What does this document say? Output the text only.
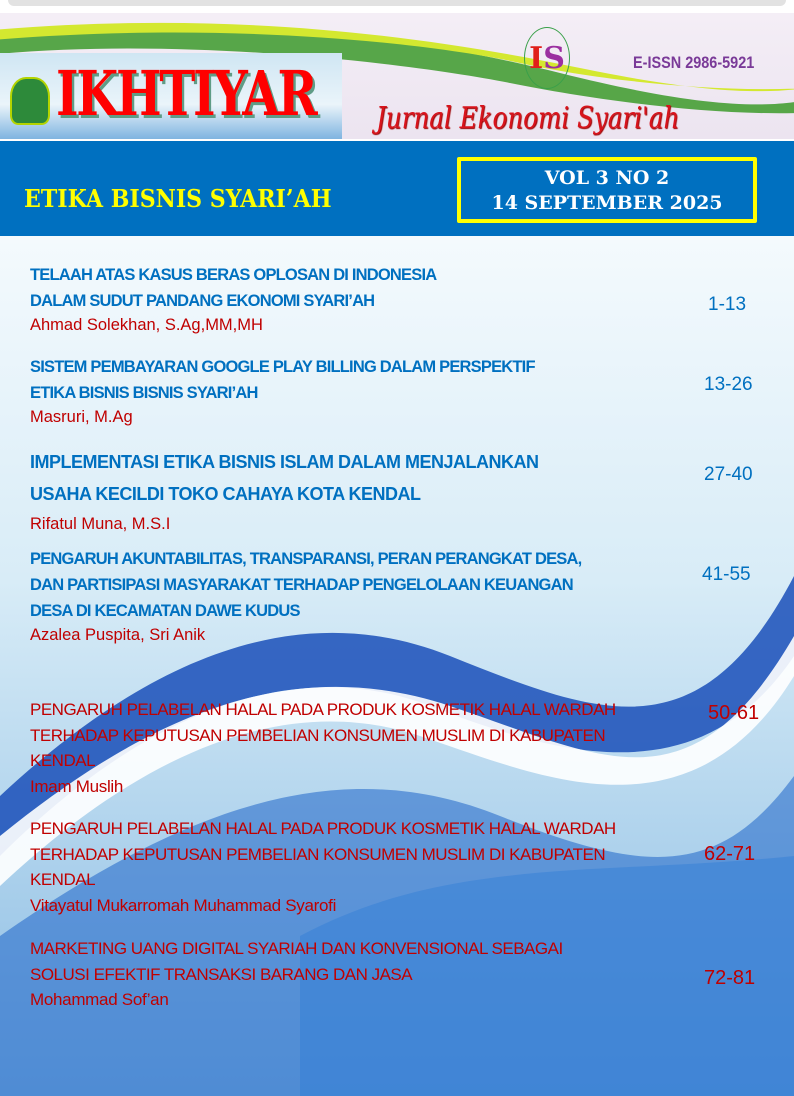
IKHTIYAR	IS	E-ISSN 2986-5921
Jurnal Ekonomi Syari'ah
ETIKA BISNIS SYARI’AH
VOL 3 NO 2
14 SEPTEMBER 2025
TELAAH ATAS KASUS BERAS OPLOSAN DI INDONESIA
DALAM SUDUT PANDANG EKONOMI SYARI’AH
Ahmad Solekhan, S.Ag,MM,MH
1-13
SISTEM PEMBAYARAN GOOGLE PLAY BILLING DALAM PERSPEKTIF
ETIKA BISNIS BISNIS SYARI’AH
Masruri, M.Ag
13-26
IMPLEMENTASI ETIKA BISNIS ISLAM DALAM MENJALANKAN
USAHA KECILDI TOKO CAHAYA KOTA KENDAL
Rifatul Muna, M.S.I
27-40
PENGARUH AKUNTABILITAS, TRANSPARANSI, PERAN PERANGKAT DESA,
DAN PARTISIPASI MASYARAKAT TERHADAP PENGELOLAAN KEUANGAN
DESA DI KECAMATAN DAWE KUDUS
Azalea Puspita, Sri Anik
41-55
PENGARUH PELABELAN HALAL PADA PRODUK KOSMETIK HALAL WARDAH
TERHADAP KEPUTUSAN PEMBELIAN KONSUMEN MUSLIM DI KABUPATEN
KENDAL
Imam Muslih
50-61
PENGARUH PELABELAN HALAL PADA PRODUK KOSMETIK HALAL WARDAH
TERHADAP KEPUTUSAN PEMBELIAN KONSUMEN MUSLIM DI KABUPATEN
KENDAL
Vitayatul Mukarromah Muhammad Syarofi
62-71
MARKETING UANG DIGITAL SYARIAH DAN KONVENSIONAL SEBAGAI
SOLUSI EFEKTIF TRANSAKSI BARANG DAN JASA
Mohammad Sof’an
72-81
